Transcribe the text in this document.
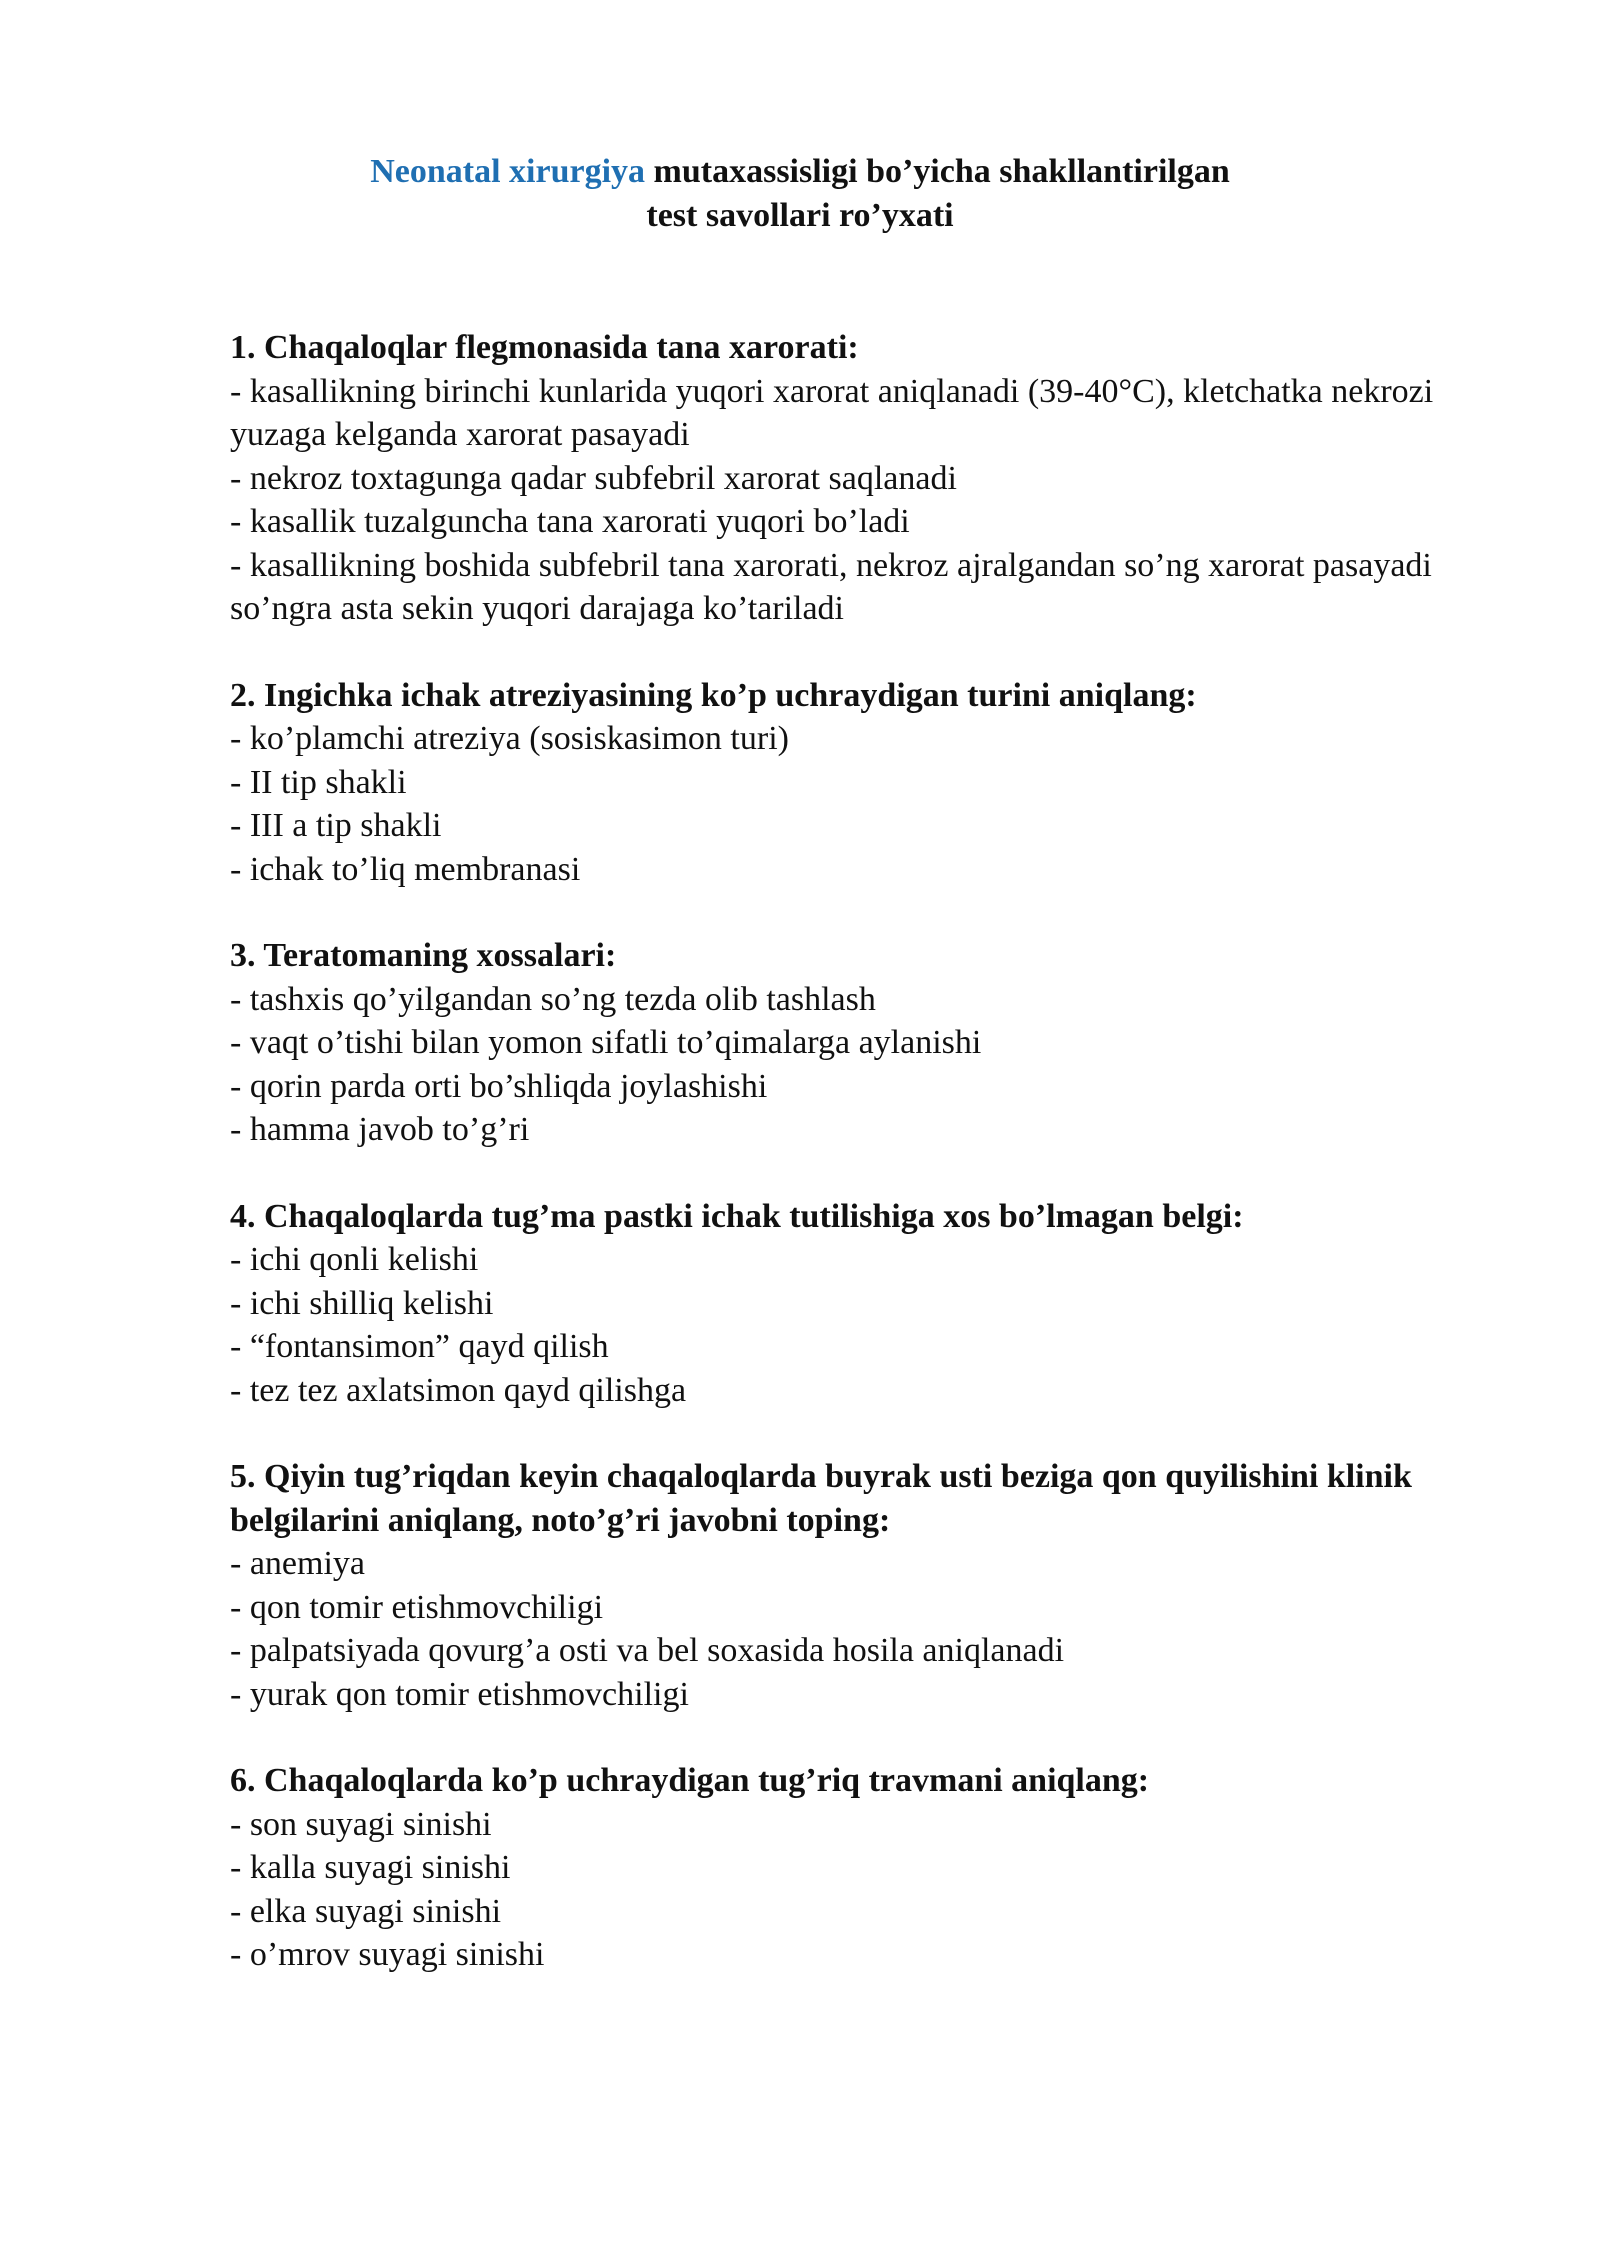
Neonatal xirurgiya mutaxassisligi bo’yicha shakllantirilgan
test savollari ro’yxati
1. Chaqaloqlar flegmonasida tana xarorati:
- kasallikning birinchi kunlarida yuqori xarorat aniqlanadi (39-40°C), kletchatka nekrozi yuzaga kelganda xarorat pasayadi
- nekroz toxtagunga qadar subfebril xarorat saqlanadi
- kasallik tuzalguncha tana xarorati yuqori bo’ladi
- kasallikning boshida subfebril tana xarorati, nekroz ajralgandan so’ng xarorat pasayadi so’ngra asta sekin yuqori darajaga ko’tariladi
2. Ingichka ichak atreziyasining ko’p uchraydigan turini aniqlang:
- ko’plamchi atreziya (sosiskasimon turi)
- II tip shakli
- III a tip shakli
- ichak to’liq membranasi
3. Teratomaning xossalari:
- tashxis qo’yilgandan so’ng tezda olib tashlash
- vaqt o’tishi bilan yomon sifatli to’qimalarga aylanishi
- qorin parda orti bo’shliqda joylashishi
- hamma javob to’g’ri
4. Chaqaloqlarda tug’ma pastki ichak tutilishiga xos bo’lmagan belgi:
- ichi qonli kelishi
- ichi shilliq kelishi
- “fontansimon” qayd qilish
- tez tez axlatsimon qayd qilishga
5. Qiyin tug’riqdan keyin chaqaloqlarda buyrak usti beziga qon quyilishini klinik belgilarini aniqlang, noto’g’ri javobni toping:
- anemiya
- qon tomir etishmovchiligi
- palpatsiyada qovurg’a osti va bel soxasida hosila aniqlanadi
- yurak qon tomir etishmovchiligi
6. Chaqaloqlarda ko’p uchraydigan tug’riq travmani aniqlang:
- son suyagi sinishi
- kalla suyagi sinishi
- elka suyagi sinishi
- o’mrov suyagi sinishi
